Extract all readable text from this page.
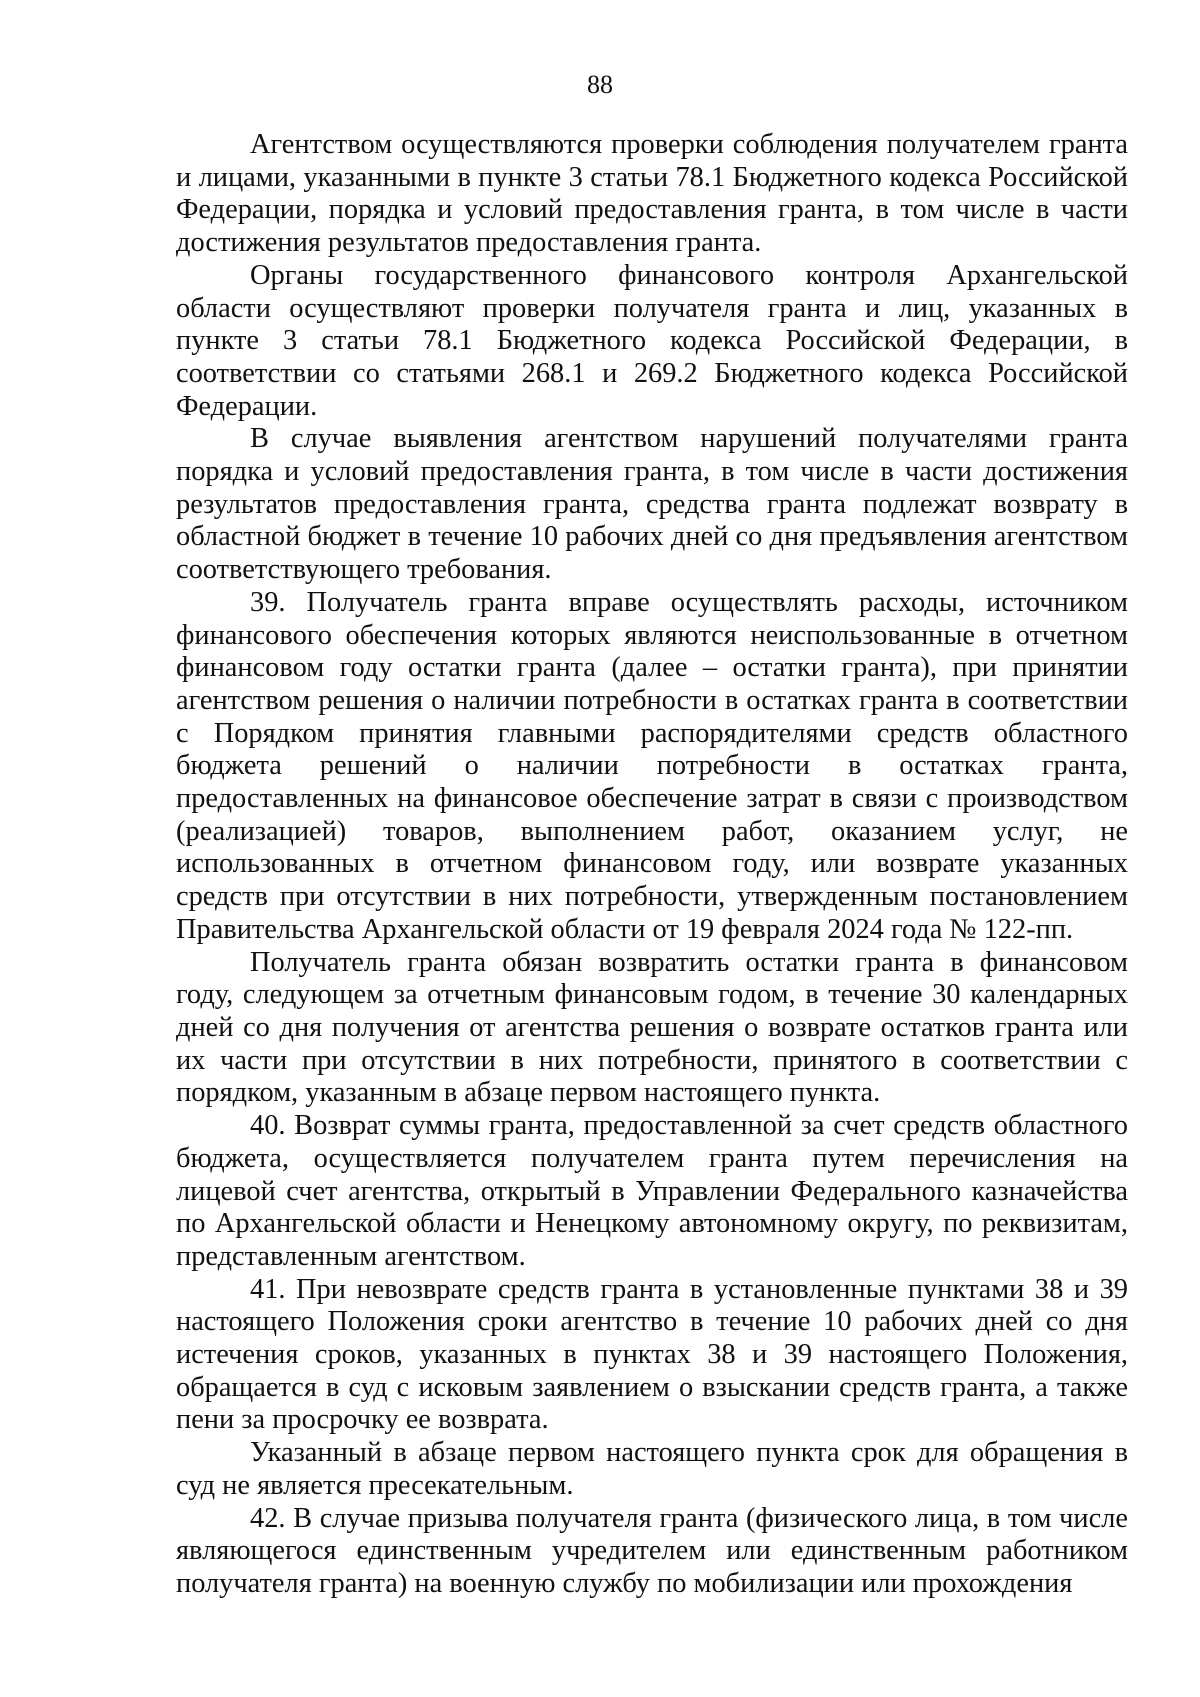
88

Агентством осуществляются проверки соблюдения получателем гранта и лицами, указанными в пункте 3 статьи 78.1 Бюджетного кодекса Российской Федерации, порядка и условий предоставления гранта, в том числе в части достижения результатов предоставления гранта.

Органы государственного финансового контроля Архангельской области осуществляют проверки получателя гранта и лиц, указанных в пункте 3 статьи 78.1 Бюджетного кодекса Российской Федерации, в соответствии со статьями 268.1 и 269.2 Бюджетного кодекса Российской Федерации.

В случае выявления агентством нарушений получателями гранта порядка и условий предоставления гранта, в том числе в части достижения результатов предоставления гранта, средства гранта подлежат возврату в областной бюджет в течение 10 рабочих дней со дня предъявления агентством соответствующего требования.

39. Получатель гранта вправе осуществлять расходы, источником финансового обеспечения которых являются неиспользованные в отчетном финансовом году остатки гранта (далее – остатки гранта), при принятии агентством решения о наличии потребности в остатках гранта в соответствии с Порядком принятия главными распорядителями средств областного бюджета решений о наличии потребности в остатках гранта, предоставленных на финансовое обеспечение затрат в связи с производством (реализацией) товаров, выполнением работ, оказанием услуг, не использованных в отчетном финансовом году, или возврате указанных средств при отсутствии в них потребности, утвержденным постановлением Правительства Архангельской области от 19 февраля 2024 года № 122-пп.

Получатель гранта обязан возвратить остатки гранта в финансовом году, следующем за отчетным финансовым годом, в течение 30 календарных дней со дня получения от агентства решения о возврате остатков гранта или их части при отсутствии в них потребности, принятого в соответствии с порядком, указанным в абзаце первом настоящего пункта.

40. Возврат суммы гранта, предоставленной за счет средств областного бюджета, осуществляется получателем гранта путем перечисления на лицевой счет агентства, открытый в Управлении Федерального казначейства по Архангельской области и Ненецкому автономному округу, по реквизитам, представленным агентством.

41. При невозврате средств гранта в установленные пунктами 38 и 39 настоящего Положения сроки агентство в течение 10 рабочих дней со дня истечения сроков, указанных в пунктах 38 и 39 настоящего Положения, обращается в суд с исковым заявлением о взыскании средств гранта, а также пени за просрочку ее возврата.

Указанный в абзаце первом настоящего пункта срок для обращения в суд не является пресекательным.

42. В случае призыва получателя гранта (физического лица, в том числе являющегося единственным учредителем или единственным работником получателя гранта) на военную службу по мобилизации или прохождения
